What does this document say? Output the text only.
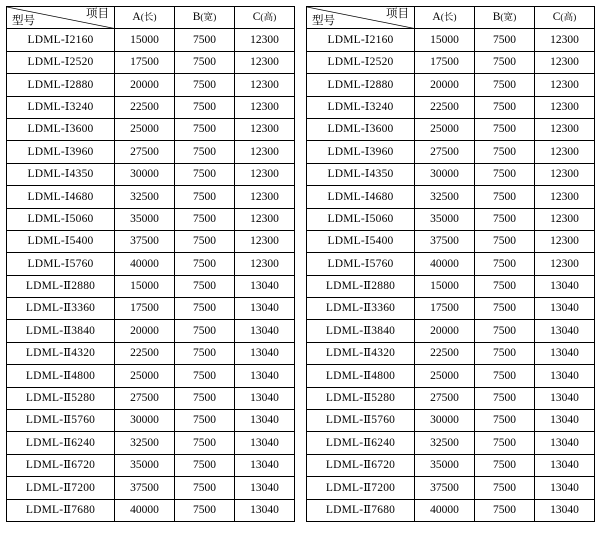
项目
型号	A(长)	B(宽)	C(高)
LDML-Ⅰ2160	15000	7500	12300
LDML-Ⅰ2520	17500	7500	12300
LDML-Ⅰ2880	20000	7500	12300
LDML-Ⅰ3240	22500	7500	12300
LDML-Ⅰ3600	25000	7500	12300
LDML-Ⅰ3960	27500	7500	12300
LDML-Ⅰ4350	30000	7500	12300
LDML-Ⅰ4680	32500	7500	12300
LDML-Ⅰ5060	35000	7500	12300
LDML-Ⅰ5400	37500	7500	12300
LDML-Ⅰ5760	40000	7500	12300
LDML-Ⅱ2880	15000	7500	13040
LDML-Ⅱ3360	17500	7500	13040
LDML-Ⅱ3840	20000	7500	13040
LDML-Ⅱ4320	22500	7500	13040
LDML-Ⅱ4800	25000	7500	13040
LDML-Ⅱ5280	27500	7500	13040
LDML-Ⅱ5760	30000	7500	13040
LDML-Ⅱ6240	32500	7500	13040
LDML-Ⅱ6720	35000	7500	13040
LDML-Ⅱ7200	37500	7500	13040
LDML-Ⅱ7680	40000	7500	13040
项目
型号	A(长)	B(宽)	C(高)
LDML-Ⅰ2160	15000	7500	12300
LDML-Ⅰ2520	17500	7500	12300
LDML-Ⅰ2880	20000	7500	12300
LDML-Ⅰ3240	22500	7500	12300
LDML-Ⅰ3600	25000	7500	12300
LDML-Ⅰ3960	27500	7500	12300
LDML-Ⅰ4350	30000	7500	12300
LDML-Ⅰ4680	32500	7500	12300
LDML-Ⅰ5060	35000	7500	12300
LDML-Ⅰ5400	37500	7500	12300
LDML-Ⅰ5760	40000	7500	12300
LDML-Ⅱ2880	15000	7500	13040
LDML-Ⅱ3360	17500	7500	13040
LDML-Ⅱ3840	20000	7500	13040
LDML-Ⅱ4320	22500	7500	13040
LDML-Ⅱ4800	25000	7500	13040
LDML-Ⅱ5280	27500	7500	13040
LDML-Ⅱ5760	30000	7500	13040
LDML-Ⅱ6240	32500	7500	13040
LDML-Ⅱ6720	35000	7500	13040
LDML-Ⅱ7200	37500	7500	13040
LDML-Ⅱ7680	40000	7500	13040
